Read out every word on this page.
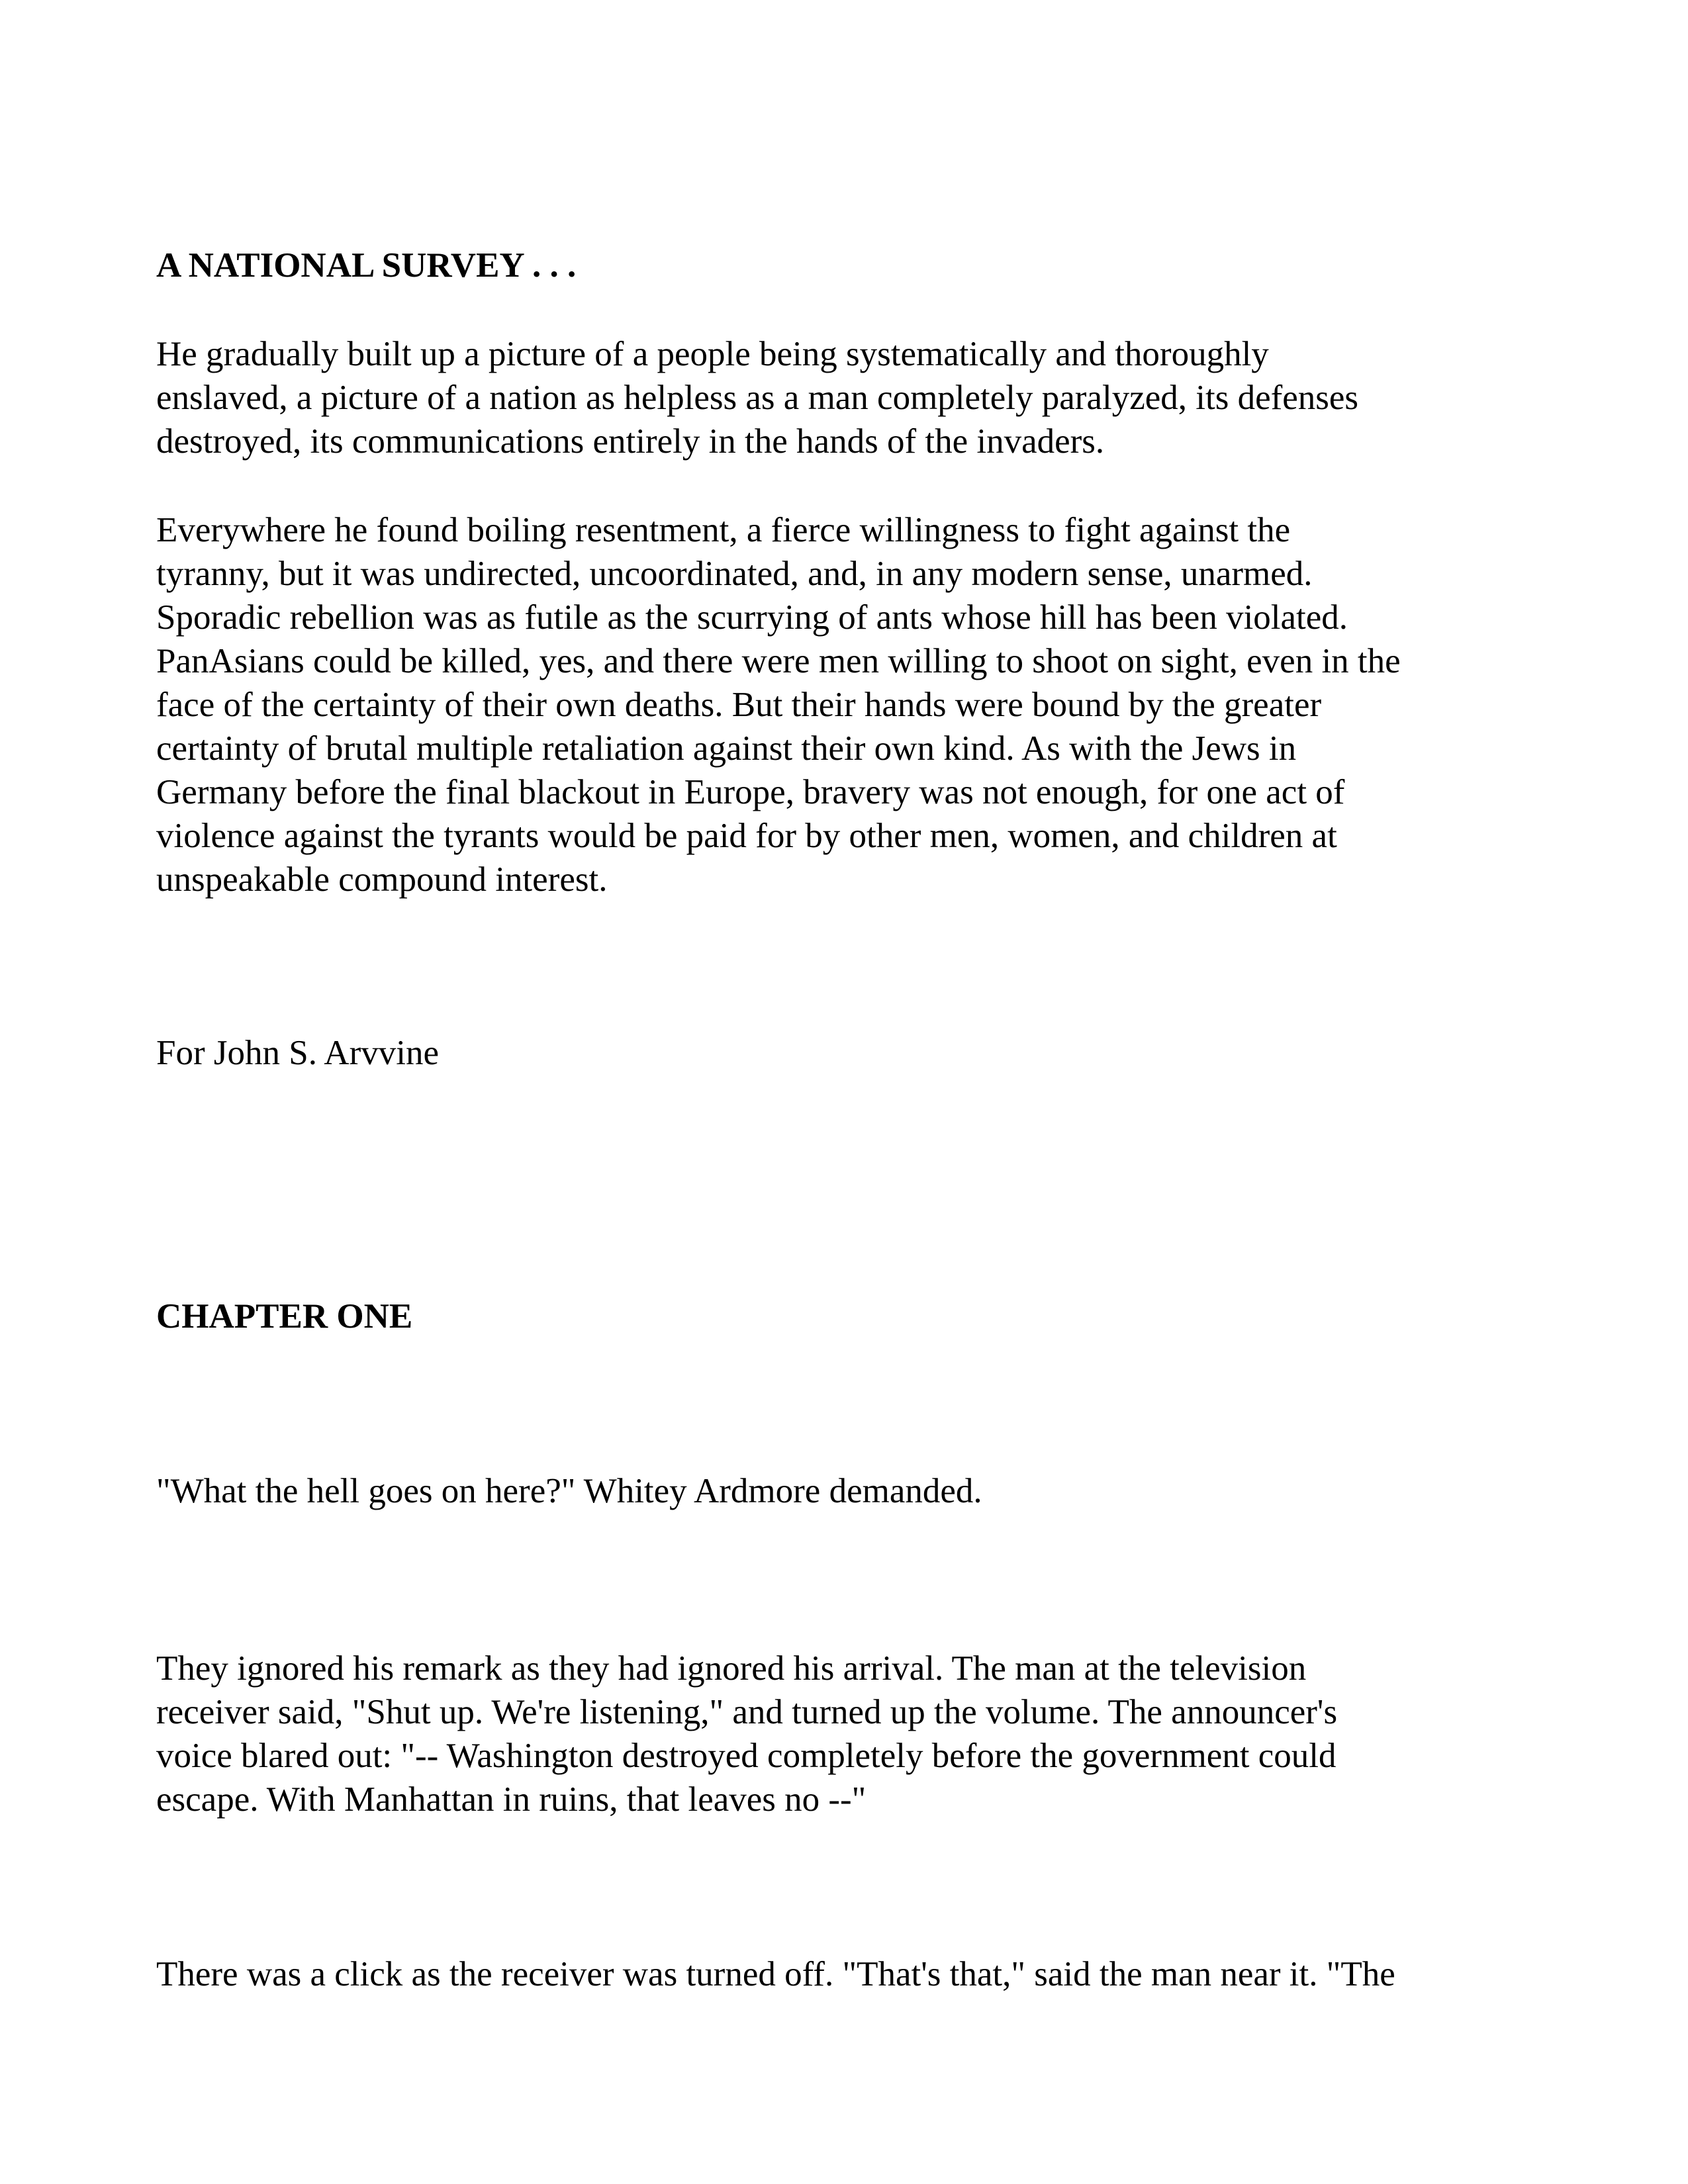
A NATIONAL SURVEY . . .

He gradually built up a picture of a people being systematically and thoroughly
enslaved, a picture of a nation as helpless as a man completely paralyzed, its defenses
destroyed, its communications entirely in the hands of the invaders.

Everywhere he found boiling resentment, a fierce willingness to fight against the
tyranny, but it was undirected, uncoordinated, and, in any modern sense, unarmed.
Sporadic rebellion was as futile as the scurrying of ants whose hill has been violated.
PanAsians could be killed, yes, and there were men willing to shoot on sight, even in the
face of the certainty of their own deaths. But their hands were bound by the greater
certainty of brutal multiple retaliation against their own kind. As with the Jews in
Germany before the final blackout in Europe, bravery was not enough, for one act of
violence against the tyrants would be paid for by other men, women, and children at
unspeakable compound interest.

For John S. Arvvine

CHAPTER ONE

"What the hell goes on here?" Whitey Ardmore demanded.

They ignored his remark as they had ignored his arrival. The man at the television
receiver said, "Shut up. We're listening," and turned up the volume. The announcer's
voice blared out: "-- Washington destroyed completely before the government could
escape. With Manhattan in ruins, that leaves no --"

There was a click as the receiver was turned off. "That's that," said the man near it. "The
